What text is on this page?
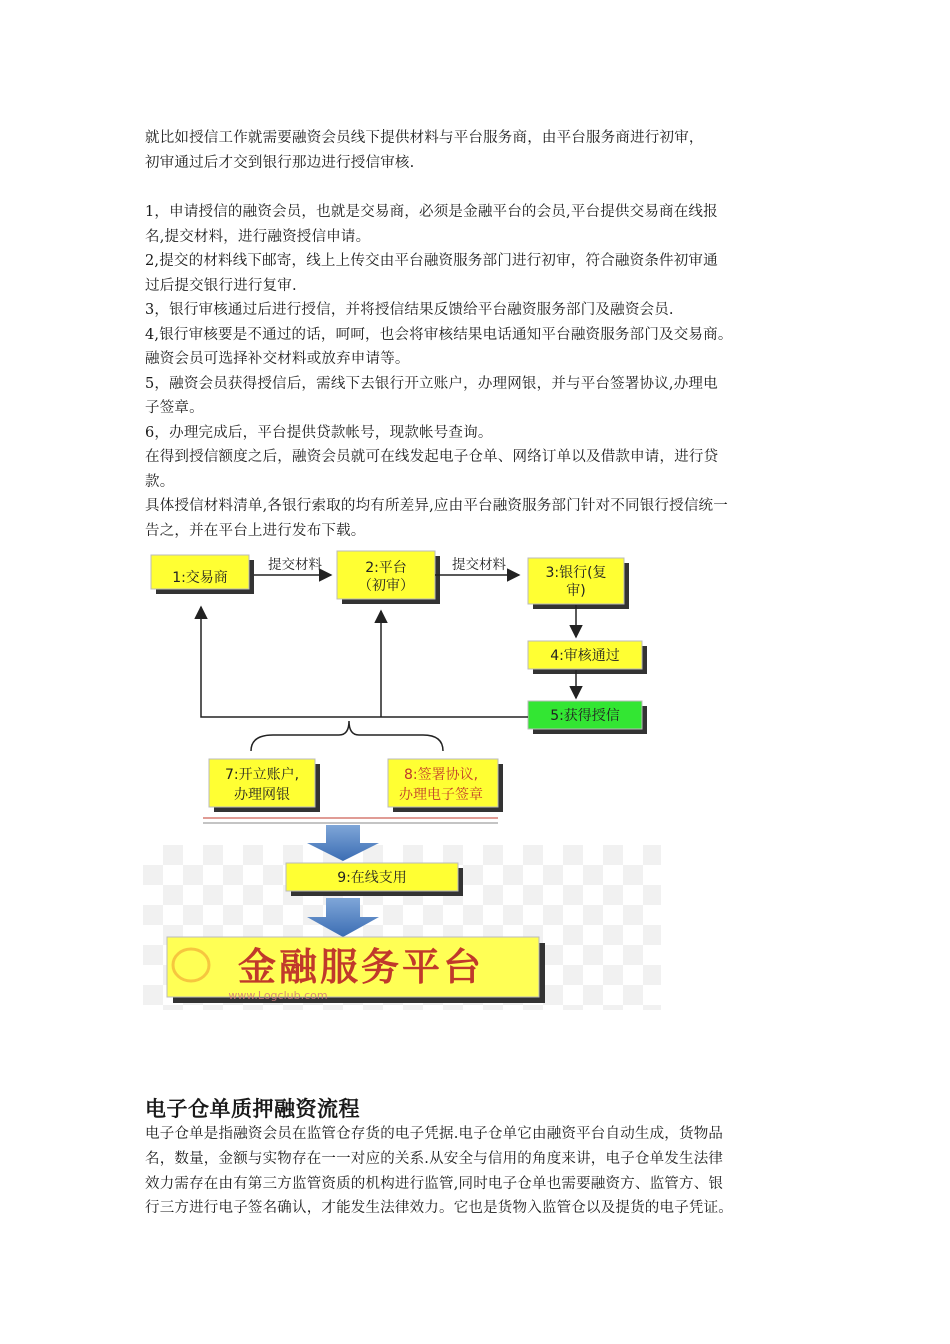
就比如授信工作就需要融资会员线下提供材料与平台服务商，由平台服务商进行初审，
初审通过后才交到银行那边进行授信审核.
1，申请授信的融资会员，也就是交易商，必须是金融平台的会员,平台提供交易商在线报
名,提交材料，进行融资授信申请。
2,提交的材料线下邮寄，线上上传交由平台融资服务部门进行初审，符合融资条件初审通
过后提交银行进行复审.
3，银行审核通过后进行授信，并将授信结果反馈给平台融资服务部门及融资会员.
4,银行审核要是不通过的话，呵呵，也会将审核结果电话通知平台融资服务部门及交易商。
融资会员可选择补交材料或放弃申请等。
5，融资会员获得授信后，需线下去银行开立账户，办理网银，并与平台签署协议,办理电
子签章。
6，办理完成后，平台提供贷款帐号，现款帐号查询。
在得到授信额度之后，融资会员就可在线发起电子仓单、网络订单以及借款申请，进行贷
款。
具体授信材料清单,各银行索取的均有所差异,应由平台融资服务部门针对不同银行授信统一
告之，并在平台上进行发布下载。
1:交易商
提交材料	2:平台
（初审）
提交材料	3:银行(复
审)
4:审核通过
5:获得授信
7:开立账户,
办理网银
8:签署协议,
办理电子签章
9:在线支用
金融服务平台
www.Logclub.com
电子仓单质押融资流程
电子仓单是指融资会员在监管仓存货的电子凭据.电子仓单它由融资平台自动生成，货物品
名，数量，金额与实物存在一一对应的关系.从安全与信用的角度来讲，电子仓单发生法律
效力需存在由有第三方监管资质的机构进行监管,同时电子仓单也需要融资方、监管方、银
行三方进行电子签名确认，才能发生法律效力。它也是货物入监管仓以及提货的电子凭证。
